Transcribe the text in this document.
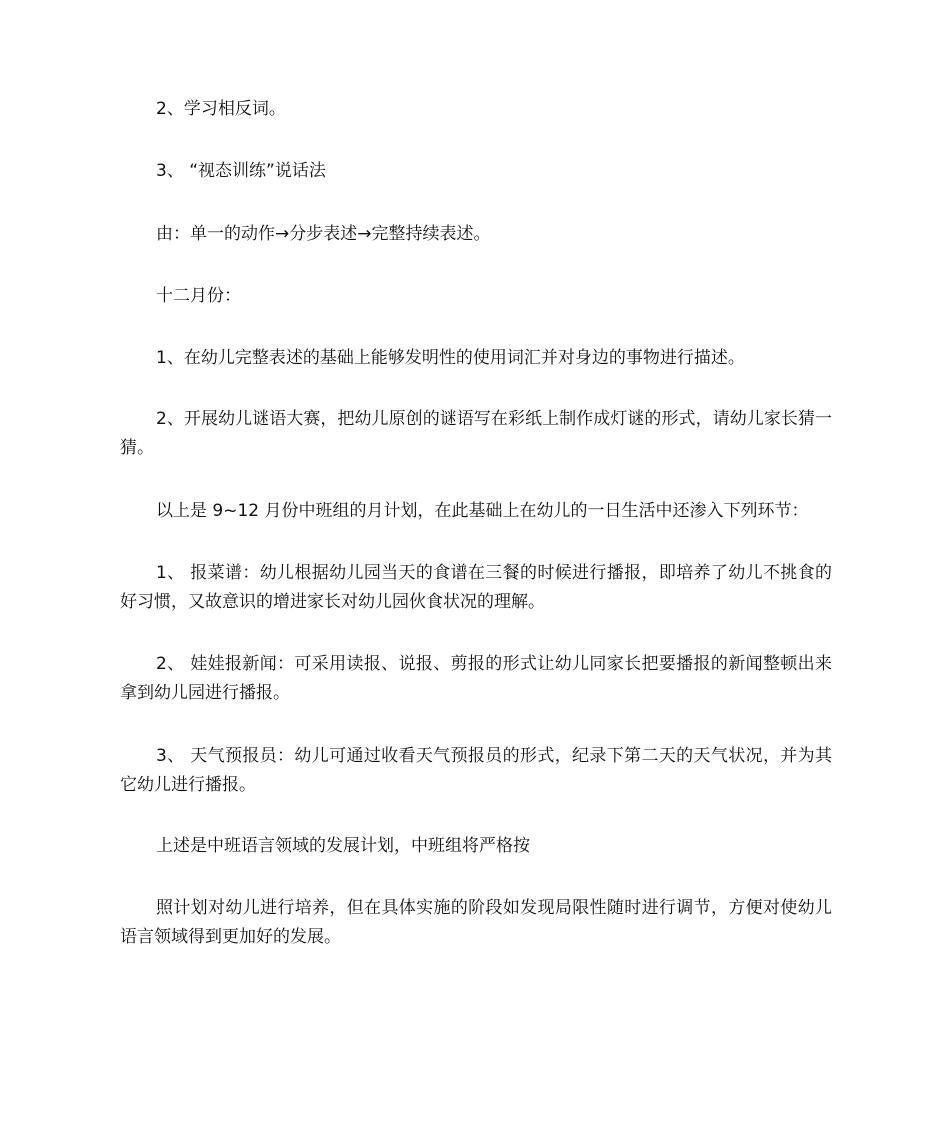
2、学习相反词。

3、 “视态训练”说话法

由：单一的动作→分步表述→完整持续表述。

十二月份：

1、在幼儿完整表述的基础上能够发明性的使用词汇并对身边的事物进行描述。

2、开展幼儿谜语大赛，把幼儿原创的谜语写在彩纸上制作成灯谜的形式，请幼儿家长猜一猜。

以上是 9~12 月份中班组的月计划，在此基础上在幼儿的一日生活中还渗入下列环节：

1、 报菜谱：幼儿根据幼儿园当天的食谱在三餐的时候进行播报，即培养了幼儿不挑食的好习惯，又故意识的增进家长对幼儿园伙食状况的理解。

2、 娃娃报新闻：可采用读报、说报、剪报的形式让幼儿同家长把要播报的新闻整顿出来拿到幼儿园进行播报。

3、 天气预报员：幼儿可通过收看天气预报员的形式，纪录下第二天的天气状况，并为其它幼儿进行播报。

上述是中班语言领域的发展计划，中班组将严格按

照计划对幼儿进行培养，但在具体实施的阶段如发现局限性随时进行调节，方便对使幼儿语言领域得到更加好的发展。
